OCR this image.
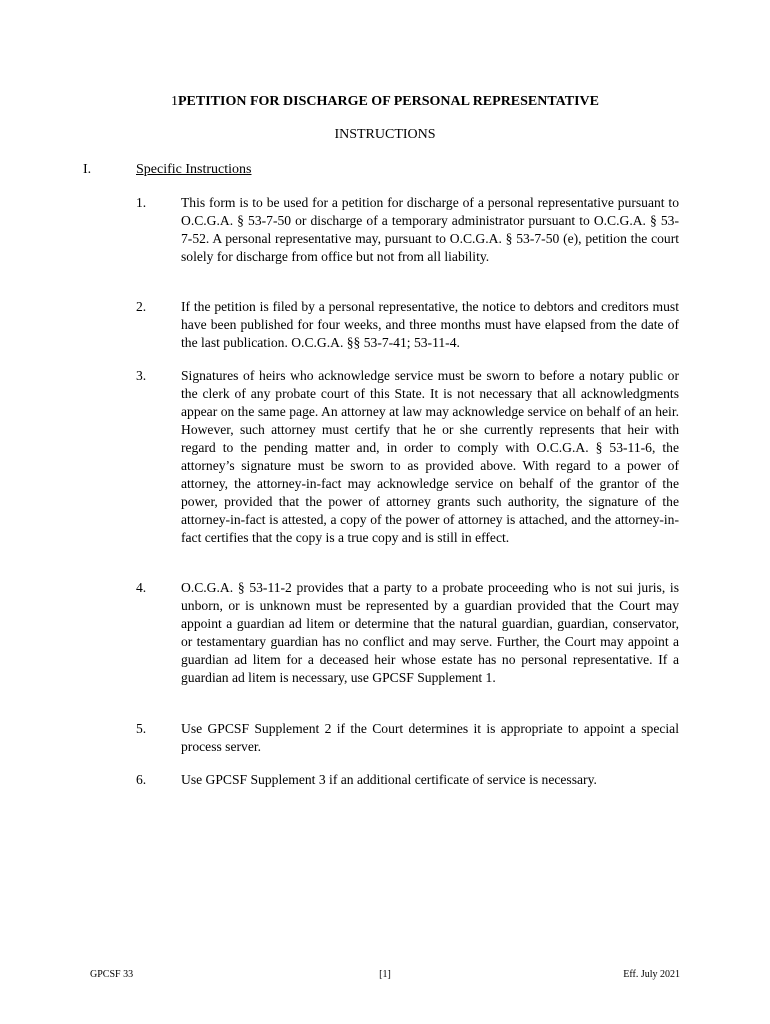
1PETITION FOR DISCHARGE OF PERSONAL REPRESENTATIVE
INSTRUCTIONS
I.	Specific Instructions
1.	This form is to be used for a petition for discharge of a personal representative pursuant to O.C.G.A. § 53-7-50 or discharge of a temporary administrator pursuant to O.C.G.A. § 53-7-52. A personal representative may, pursuant to O.C.G.A. § 53-7-50 (e), petition the court solely for discharge from office but not from all liability.
2.	If the petition is filed by a personal representative, the notice to debtors and creditors must have been published for four weeks, and three months must have elapsed from the date of the last publication. O.C.G.A. §§ 53-7-41; 53-11-4.
3.	Signatures of heirs who acknowledge service must be sworn to before a notary public or the clerk of any probate court of this State. It is not necessary that all acknowledgments appear on the same page. An attorney at law may acknowledge service on behalf of an heir. However, such attorney must certify that he or she currently represents that heir with regard to the pending matter and, in order to comply with O.C.G.A. § 53-11-6, the attorney’s signature must be sworn to as provided above. With regard to a power of attorney, the attorney-in-fact may acknowledge service on behalf of the grantor of the power, provided that the power of attorney grants such authority, the signature of the attorney-in-fact is attested, a copy of the power of attorney is attached, and the attorney-in-fact certifies that the copy is a true copy and is still in effect.
4.	O.C.G.A. § 53-11-2 provides that a party to a probate proceeding who is not sui juris, is unborn, or is unknown must be represented by a guardian provided that the Court may appoint a guardian ad litem or determine that the natural guardian, guardian, conservator, or testamentary guardian has no conflict and may serve. Further, the Court may appoint a guardian ad litem for a deceased heir whose estate has no personal representative. If a guardian ad litem is necessary, use GPCSF Supplement 1.
5.	Use GPCSF Supplement 2 if the Court determines it is appropriate to appoint a special process server.
6.	Use GPCSF Supplement 3 if an additional certificate of service is necessary.
GPCSF 33	[1]	Eff. July 2021
